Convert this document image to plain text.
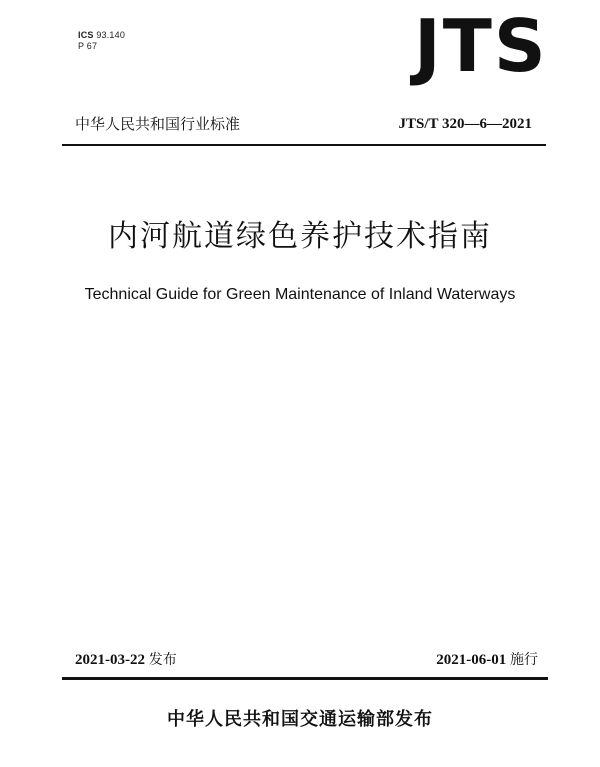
ICS 93.140
P 67	JTS
中华人民共和国行业标准	JTS/T 320—6—2021
内河航道绿色养护技术指南
Technical Guide for Green Maintenance of Inland Waterways
2021-03-22 发布	2021-06-01 施行
中华人民共和国交通运输部发布
